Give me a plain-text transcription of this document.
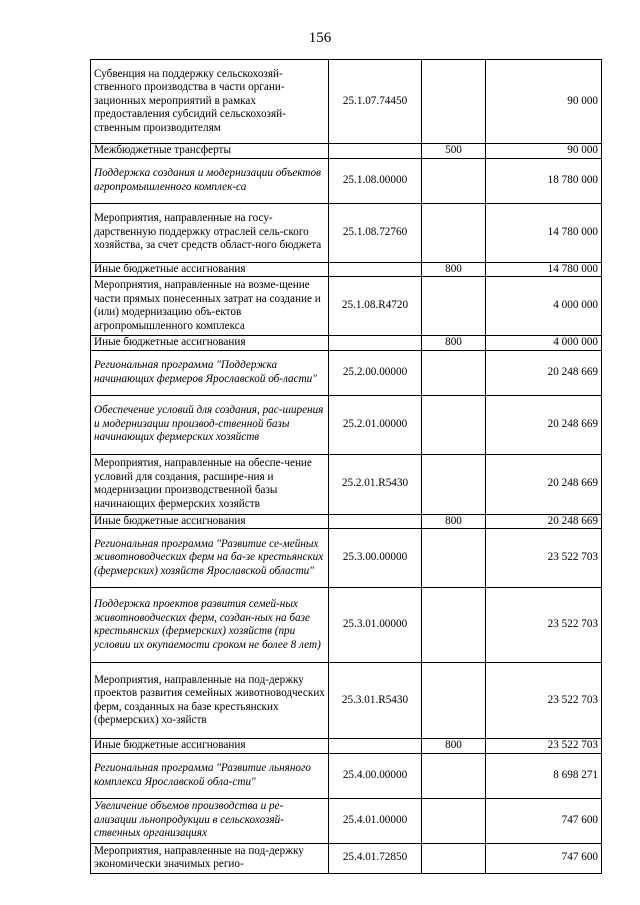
156
Субвенция на поддержку сельскохозяй-ственного производства в части органи-зационных мероприятий в рамках предоставления субсидий сельскохозяй-ственным производителям	25.1.07.74450		90 000
Межбюджетные трансферты		500	90 000
Поддержка создания и модернизации объектов агропромышленного комплек-са	25.1.08.00000		18 780 000
Мероприятия, направленные на госу-дарственную поддержку отраслей сель-ского хозяйства, за счет средств област-ного бюджета	25.1.08.72760		14 780 000
Иные бюджетные ассигнования		800	14 780 000
Мероприятия, направленные на возме-щение части прямых понесенных затрат на создание и (или) модернизацию объ-ектов агропромышленного комплекса	25.1.08.R4720		4 000 000
Иные бюджетные ассигнования		800	4 000 000
Региональная программа "Поддержка начинающих фермеров Ярославской об-ласти"	25.2.00.00000		20 248 669
Обеспечение условий для создания, рас-ширения и модернизации производ-ственной базы начинающих фермерских хозяйств	25.2.01.00000		20 248 669
Мероприятия, направленные на обеспе-чение условий для создания, расшире-ния и модернизации производственной базы начинающих фермерских хозяйств	25.2.01.R5430		20 248 669
Иные бюджетные ассигнования		800	20 248 669
Региональная программа "Развитие се-мейных животноводческих ферм на ба-зе крестьянских (фермерских) хозяйств Ярославской области"	25.3.00.00000		23 522 703
Поддержка проектов развития семей-ных животноводческих ферм, создан-ных на базе крестьянских (фермерских) хозяйств (при условии их окупаемости сроком не более 8 лет)	25.3.01.00000		23 522 703
Мероприятия, направленные на под-держку проектов развития семейных животноводческих ферм, созданных на базе крестьянских (фермерских) хо-зяйств	25.3.01.R5430		23 522 703
Иные бюджетные ассигнования		800	23 522 703
Региональная программа "Развитие льняного комплекса Ярославской обла-сти"	25.4.00.00000		8 698 271
Увеличение объемов производства и ре-ализации льнопродукции в сельскохозяй-ственных организациях	25.4.01.00000		747 600
Мероприятия, направленные на под-держку экономически значимых регио-	25.4.01.72850		747 600
